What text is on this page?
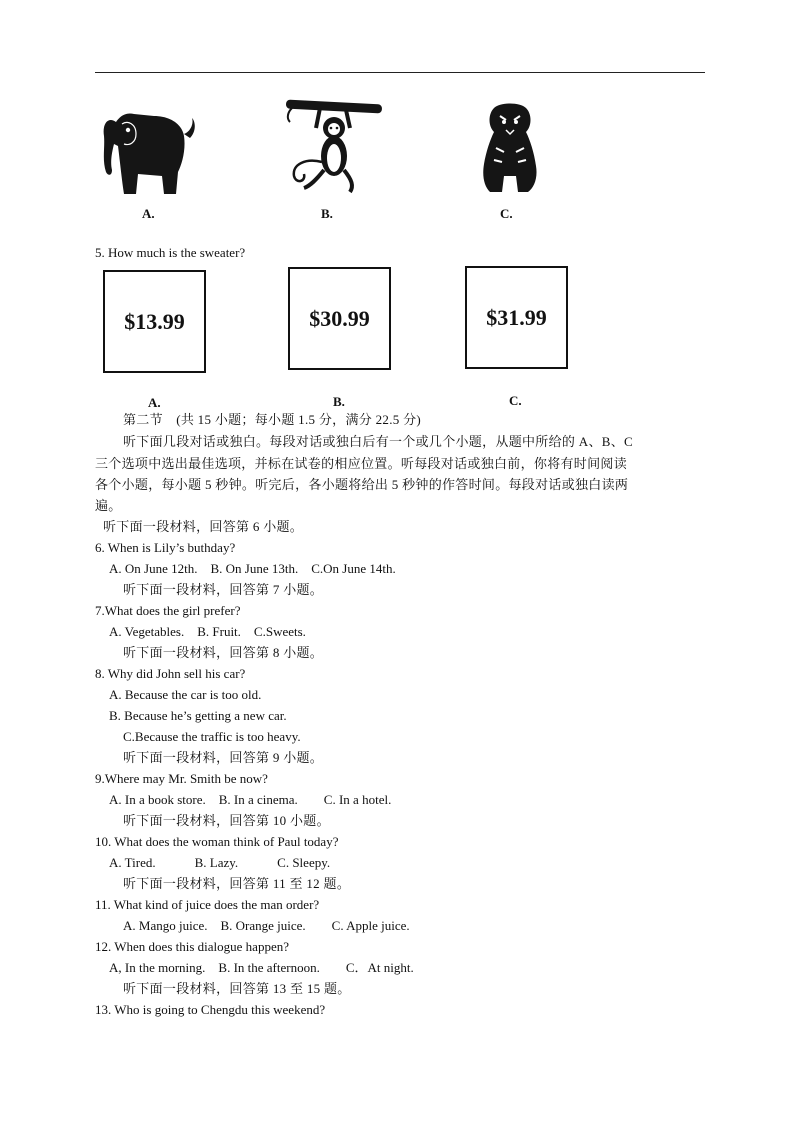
A.	B.	C.
5. How much is the sweater?
$13.99	$30.99	$31.99
A.	B.	C.
第二节　(共 15 小题；每小题 1.5 分，满分 22.5 分)
听下面几段对话或独白。每段对话或独白后有一个或几个小题，从题中所给的 A、B、C
三个选项中选出最佳选项，并标在试卷的相应位置。听每段对话或独白前，你将有时间阅读
各个小题，每小题 5 秒钟。听完后，各小题将给出 5 秒钟的作答时间。每段对话或独白读两
遍。
听下面一段材料，回答第 6 小题。
6. When is Lily’s buthday?
A. On June 12th.　B. On June 13th.　C.On June 14th.
听下面一段材料，回答第 7 小题。
7.What does the girl prefer?
A. Vegetables.　B. Fruit.　C.Sweets.
听下面一段材料，回答第 8 小题。
8. Why did John sell his car?
A. Because the car is too old.
B. Because he’s getting a new car.
C.Because the traffic is too heavy.
听下面一段材料，回答第 9 小题。
9.Where may Mr. Smith be now?
A. In a book store.　B. In a cinema.　　C. In a hotel.
听下面一段材料，回答第 10 小题。
10. What does the woman think of Paul today?
A. Tired.　　　B. Lazy.　　　C. Sleepy.
听下面一段材料，回答第 11 至 12 题。
11. What kind of juice does the man order?
A. Mango juice.　B. Orange juice.　　C. Apple juice.
12. When does this dialogue happen?
A, In the morning.　B. In the afternoon.　　C．At night.
听下面一段材料，回答第 13 至 15 题。
13. Who is going to Chengdu this weekend?
